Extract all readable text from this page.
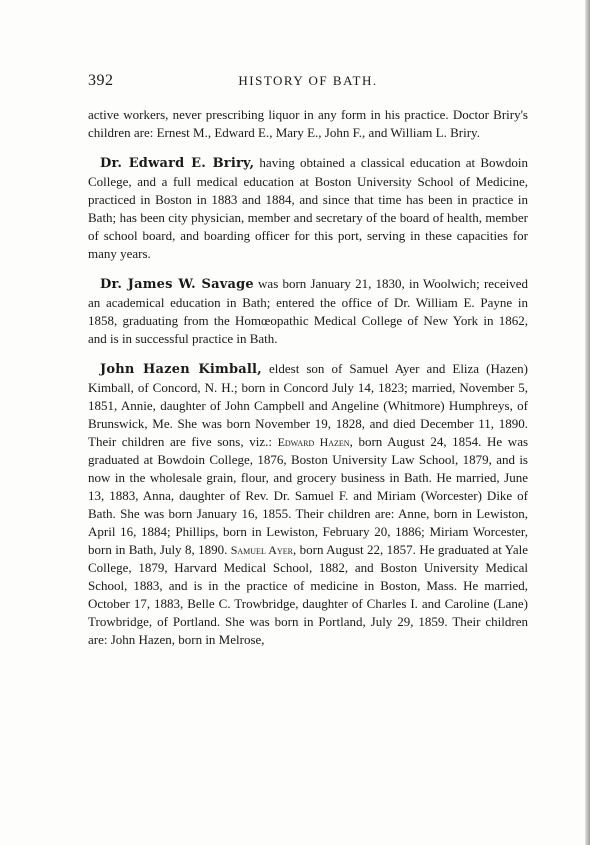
392	HISTORY OF BATH.

active workers, never prescribing liquor in any form in his practice. Doctor Briry's children are: Ernest M., Edward E., Mary E., John F., and William L. Briry.

Dr. Edward E. Briry, having obtained a classical education at Bowdoin College, and a full medical education at Boston University School of Medicine, practiced in Boston in 1883 and 1884, and since that time has been in practice in Bath; has been city physician, member and secretary of the board of health, member of school board, and boarding officer for this port, serving in these capacities for many years.

Dr. James W. Savage was born January 21, 1830, in Woolwich; received an academical education in Bath; entered the office of Dr. William E. Payne in 1858, graduating from the Homœopathic Medical College of New York in 1862, and is in successful practice in Bath.

John Hazen Kimball, eldest son of Samuel Ayer and Eliza (Hazen) Kimball, of Concord, N. H.; born in Concord July 14, 1823; married, November 5, 1851, Annie, daughter of John Campbell and Angeline (Whitmore) Humphreys, of Brunswick, Me. She was born November 19, 1828, and died December 11, 1890. Their children are five sons, viz.: Edward Hazen, born August 24, 1854. He was graduated at Bowdoin College, 1876, Boston University Law School, 1879, and is now in the wholesale grain, flour, and grocery business in Bath. He married, June 13, 1883, Anna, daughter of Rev. Dr. Samuel F. and Miriam (Worcester) Dike of Bath. She was born January 16, 1855. Their children are: Anne, born in Lewiston, April 16, 1884; Phillips, born in Lewiston, February 20, 1886; Miriam Worcester, born in Bath, July 8, 1890. Samuel Ayer, born August 22, 1857. He graduated at Yale College, 1879, Harvard Medical School, 1882, and Boston University Medical School, 1883, and is in the practice of medicine in Boston, Mass. He married, October 17, 1883, Belle C. Trowbridge, daughter of Charles I. and Caroline (Lane) Trowbridge, of Portland. She was born in Portland, July 29, 1859. Their children are: John Hazen, born in Melrose,
